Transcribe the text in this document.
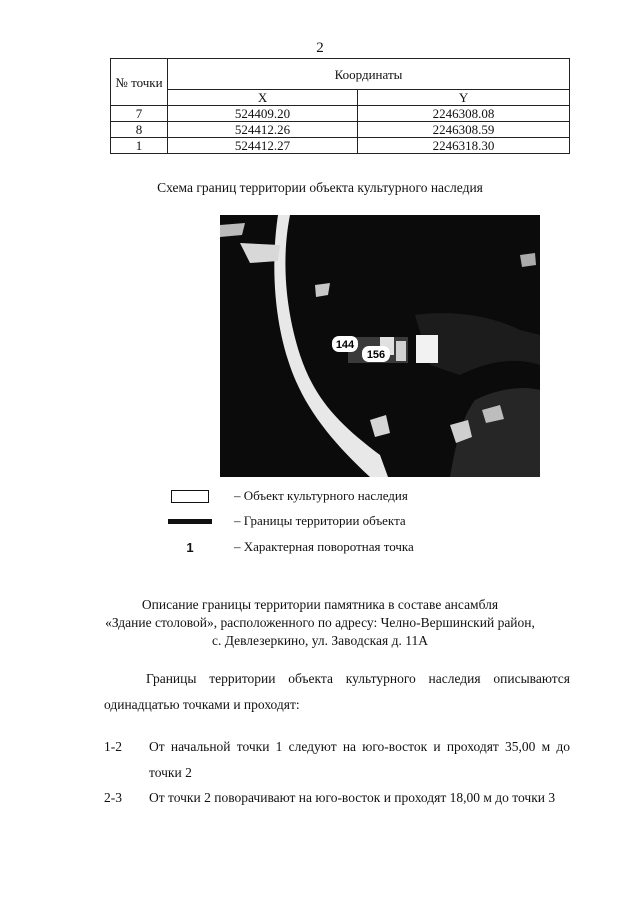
2
№ точки	Координаты	
	X	Y
7	524409.20	2246308.08
8	524412.26	2246308.59
1	524412.27	2246318.30
Схема границ территории объекта культурного наследия
144
156
– Объект культурного наследия
– Границы территории объекта
1	– Характерная поворотная точка
Описание границы территории памятника в составе ансамбля
«Здание столовой», расположенного по адресу: Челно-Вершинский район,
с. Девлезеркино, ул. Заводская д. 11А
Границы территории объекта культурного наследия описываются одинадцатью точками и проходят:
1-2 От начальной точки 1 следуют на юго-восток и проходят 35,00 м до точки 2
2-3 От точки 2 поворачивают на юго-восток и проходят 18,00 м до точки 3
